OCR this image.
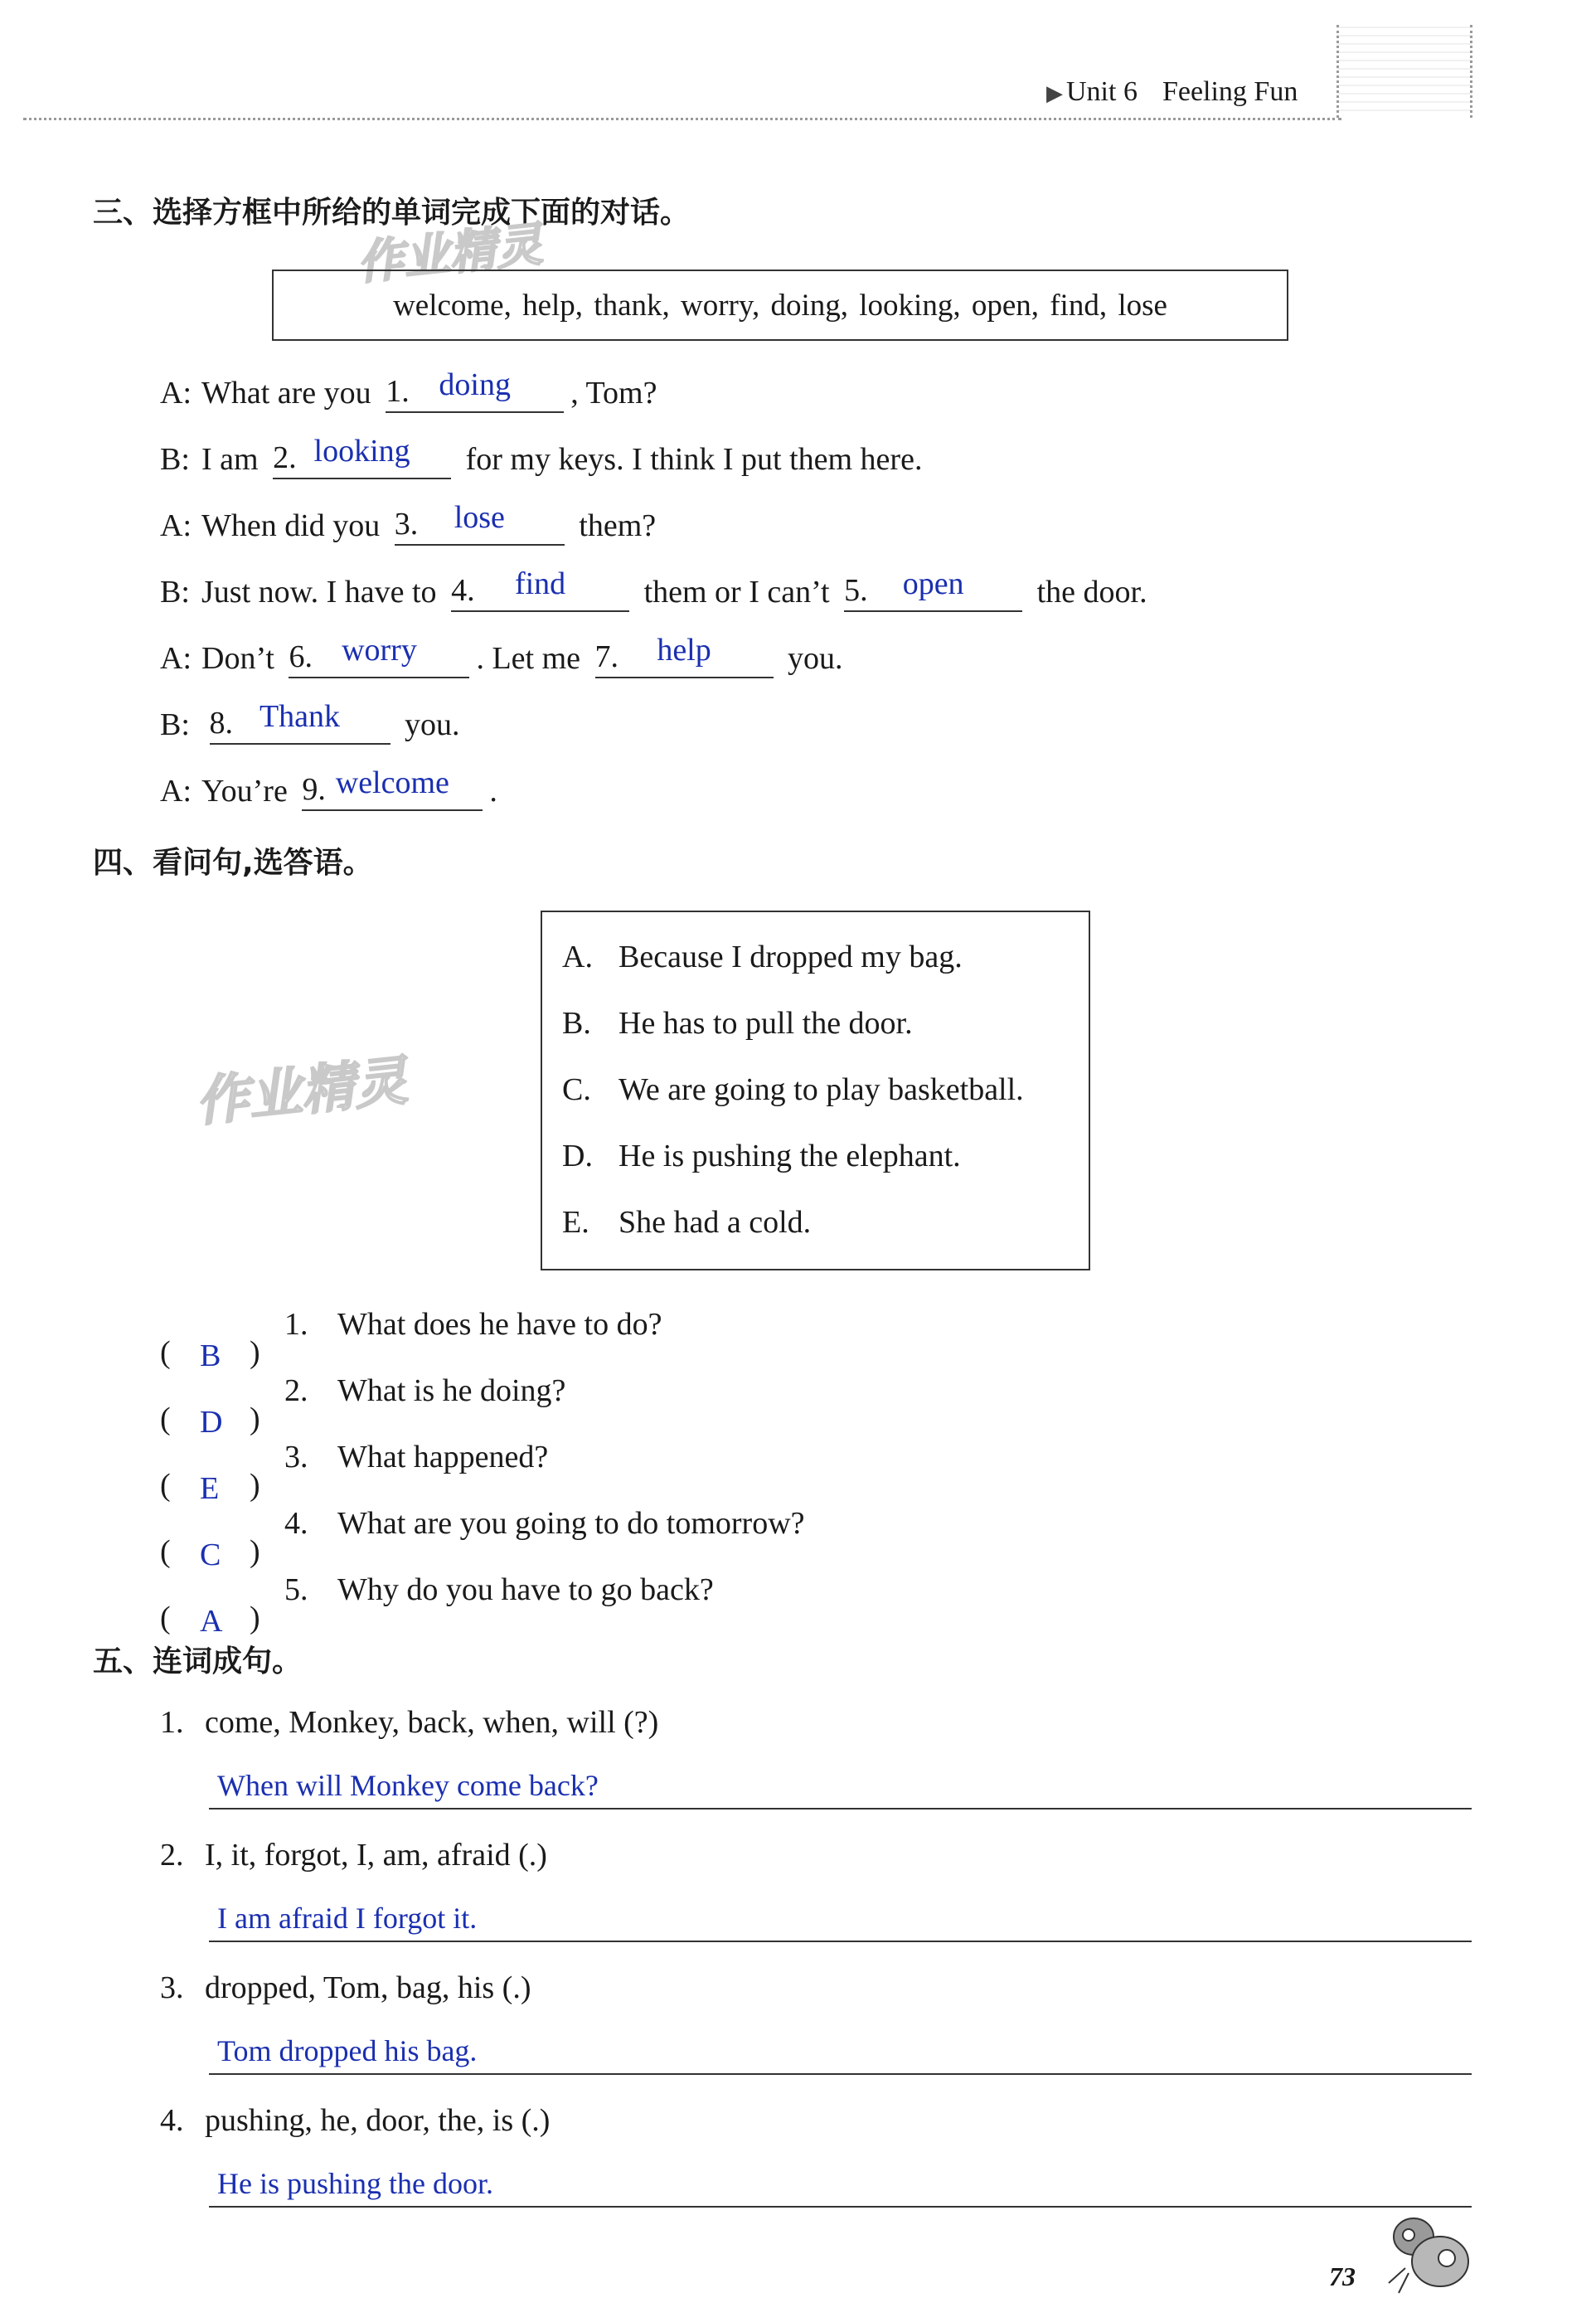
▶ Unit 6 Feeling Fun
三、选择方框中所给的单词完成下面的对话。
作业精灵
welcome, help, thank, worry, doing, looking, open, find, lose
A: What are you 1. doing	, Tom?
B: I am 2. looking	for my keys. I think I put them here.
A: When did you 3.	lose	them?
B: Just now. I have to 4.	find	them or I can’t 5.	open	the door.
A: Don’t 6. worry	. Let me 7.	help	you.
B: 8. Thank	you.
A: You’re 9. welcome	.
四、看问句,选答语。
作业精灵
A. Because I dropped my bag.
B. He has to pull the door.
C. We are going to play basketball.
D. He is pushing the elephant.
E. She had a cold.
( B )
1. What does he have to do?
( D )
2. What is he doing?
( E )
3. What happened?
( C )
4. What are you going to do tomorrow?
( A )
5. Why do you have to go back?
五、连词成句。
1. come, Monkey, back, when, will (?)
When will Monkey come back?
2. I, it, forgot, I, am, afraid (.)
I am afraid I forgot it.
3. dropped, Tom, bag, his (.)
Tom dropped his bag.
4. pushing, he, door, the, is (.)
He is pushing the door.
73
